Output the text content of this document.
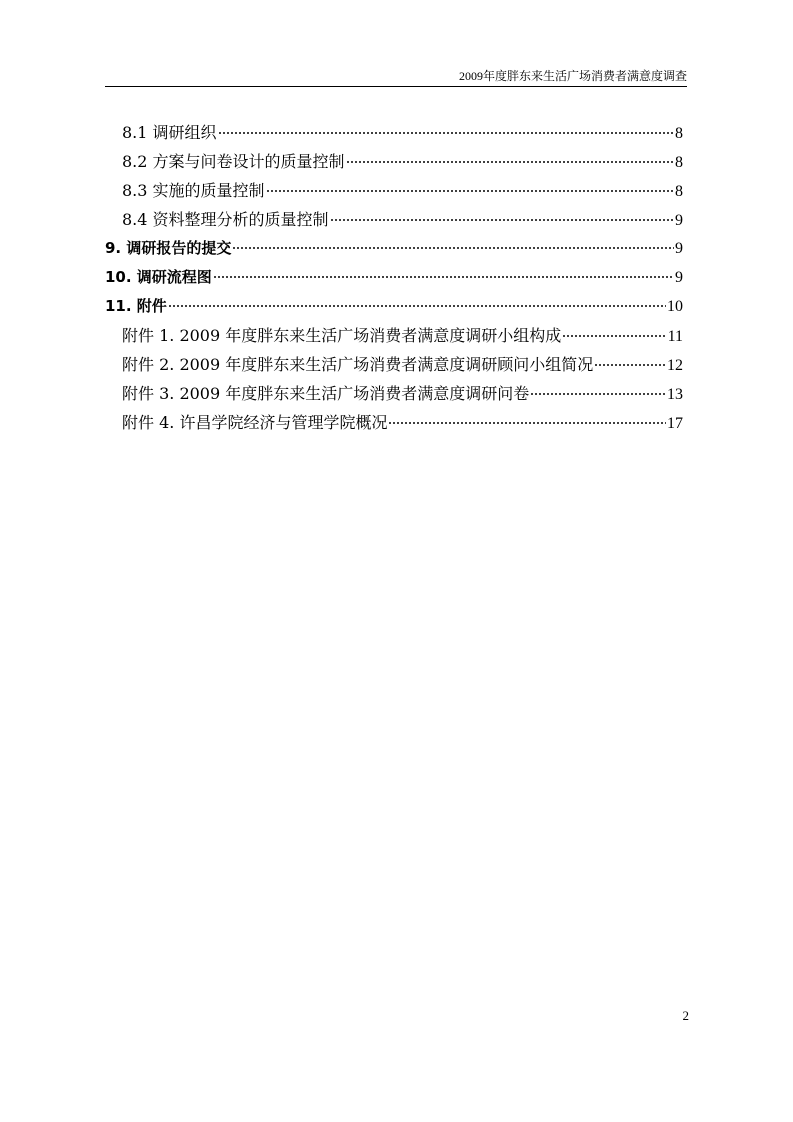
2009年度胖东来生活广场消费者满意度调查
8.1 调研组织	8
8.2 方案与问卷设计的质量控制	8
8.3 实施的质量控制	8
8.4 资料整理分析的质量控制	9
9. 调研报告的提交	9
10. 调研流程图	9
11. 附件	10
附件 1. 2009 年度胖东来生活广场消费者满意度调研小组构成	11
附件 2. 2009 年度胖东来生活广场消费者满意度调研顾问小组简况	12
附件 3. 2009 年度胖东来生活广场消费者满意度调研问卷	13
附件 4. 许昌学院经济与管理学院概况	17
2
